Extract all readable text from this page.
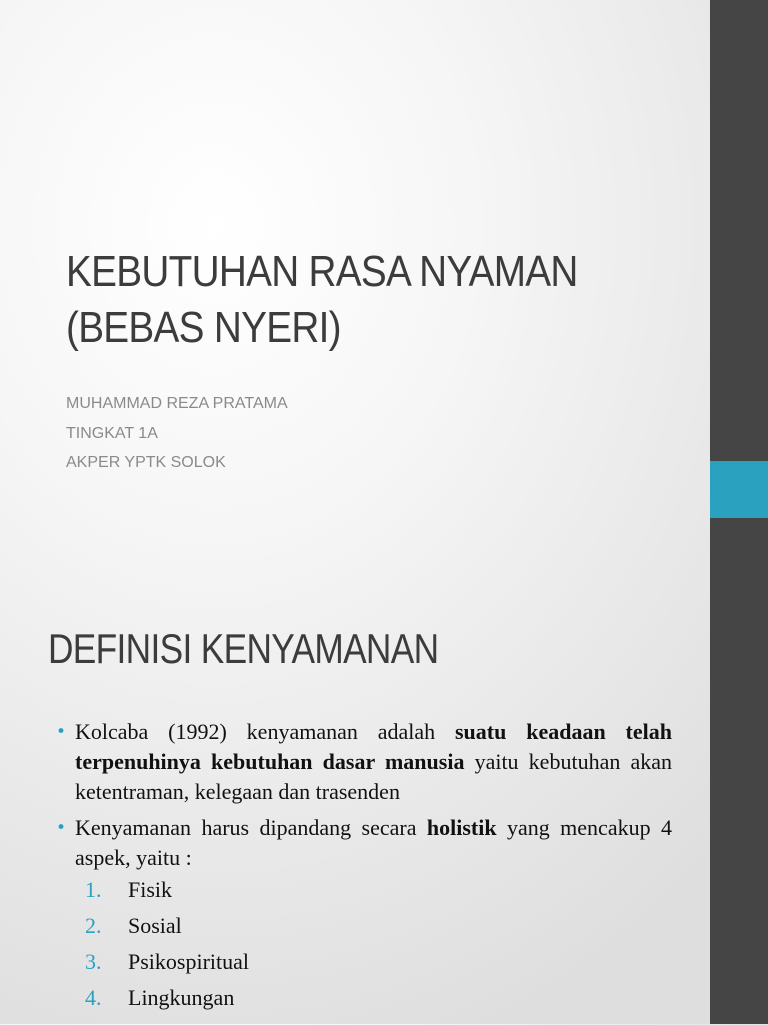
KEBUTUHAN RASA NYAMAN
(BEBAS NYERI)
MUHAMMAD REZA PRATAMA
TINGKAT 1A
AKPER YPTK SOLOK
DEFINISI KENYAMANAN
• Kolcaba (1992) kenyamanan adalah suatu keadaan telah terpenuhinya kebutuhan dasar manusia yaitu kebutuhan akan ketentraman, kelegaan dan trasenden
• Kenyamanan harus dipandang secara holistik yang mencakup 4 aspek, yaitu :
1. Fisik
2. Sosial
3. Psikospiritual
4. Lingkungan
